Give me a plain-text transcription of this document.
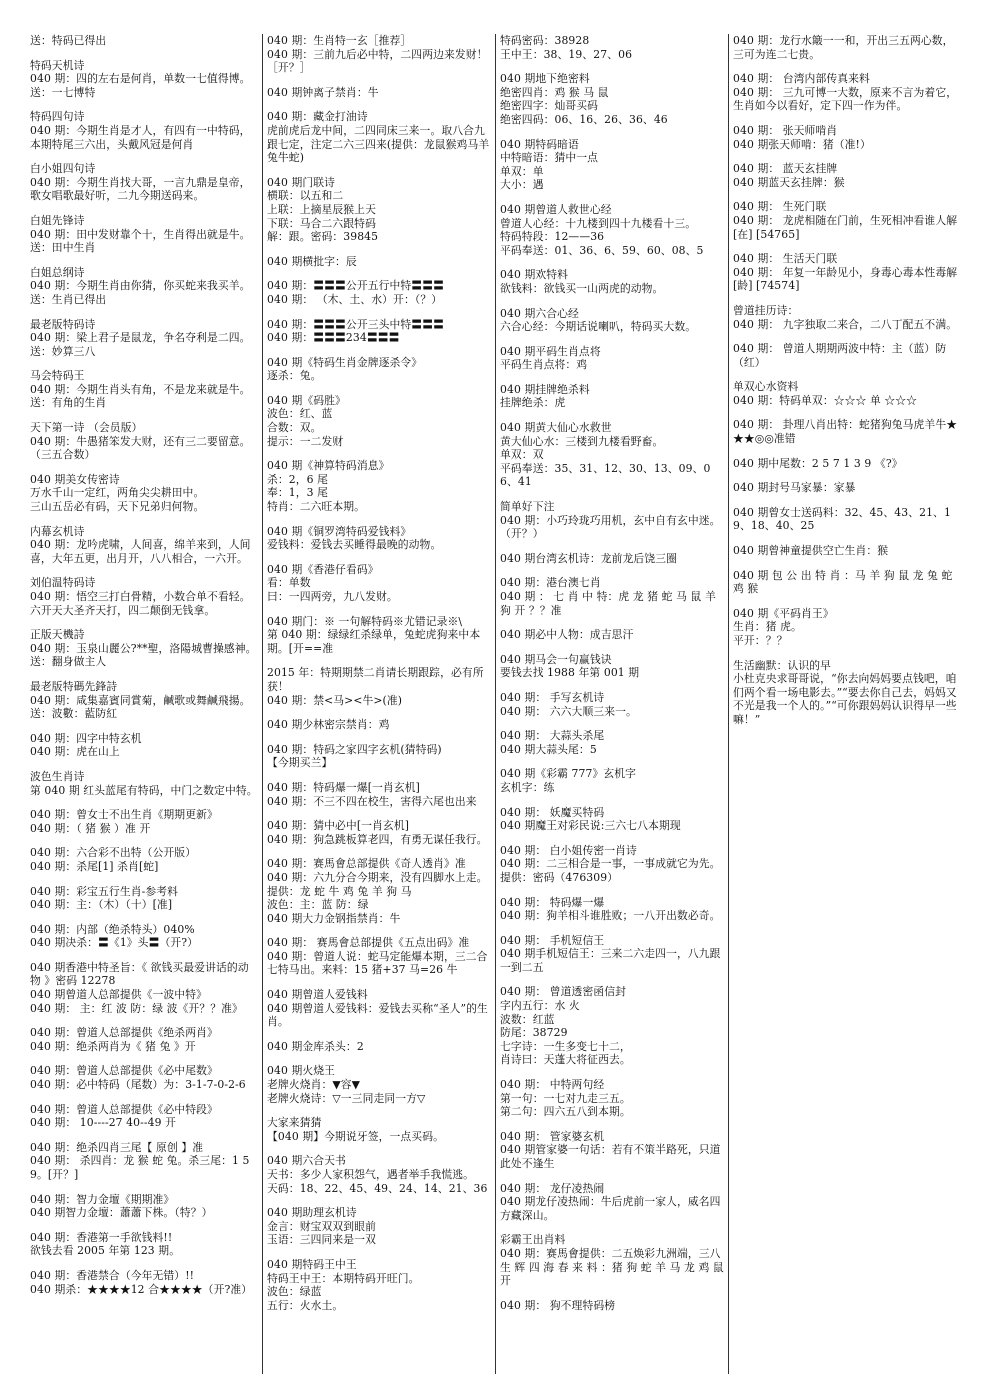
送：特码已得出
特码天机诗
040 期：四的左右是何肖，单数一七值得博。
送：一七博特
特码四句诗
040 期：今期生肖是才人，有四有一中特码，
本期特尾三六出，头戴风冠是何肖
白小姐四句诗
040 期：今期生肖找大哥，一言九鼎是皇帝，
歌女唱歌最好听，二九今期送码来。
白姐先锋诗
040 期：田中发财靠个十，生肖得出就是牛。
送：田中生肖
白姐总纲诗
040 期：今期生肖由你猜，你买蛇来我买羊。
送：生肖已得出
最老版特码诗
040 期：梁上君子是鼠龙，争名夺利是二四。
送：妙算三八
马会特码王
040 期：今期生肖头有角，不是龙来就是牛。
送：有角的生肖
天下第一诗 （会员版）
040 期：牛愚猪笨发大财，还有三二要留意。
（三五合数）
040 期美女传密诗
万水千山一定红，两角尖尖耕田中。
三山五岳必有码，天下兄弟归何物。
内幕玄机诗
040 期：龙吟虎啸，人间喜，绵羊来到，人间喜，大年五更，出月开，八八相合，一六开。
刘伯温特码诗
040 期：悟空三打白骨精，小数合单不看轻。六开天大圣齐天打，四二颠倒无钱拿。
正版天機詩
040 期：玉泉山麗公?**聖，洛陽城曹操感神。 送：翻身做主人
最老版特碼先鋒詩
040 期：咸集嘉賓同賞菊，鹹歌或舞鹹飛揚。 送：波數：藍防紅
040 期：四字中特玄机
040 期：虎在山上
波色生肖诗
第 040 期 红头蓝尾有特码，中门之数定中特。
040 期：曾女士不出生肖《期期更新》
040 期：（ 猪 猴 ）准 开
040 期：六合彩不出特（公开版）
040 期：杀尾[1] 杀肖[蛇]
040 期：彩宝五行生肖-参考料
040 期：主：（木）（十）[准]
040 期：内部（绝杀特头）040%
040 期决杀：〓《1》头〓（开?）
040 期香港中特圣旨：《 欲钱买最爱讲话的动物 》密码 12278
040 期曾道人总部提供《一波中特》
040 期： 主：红 波 防：绿 波《开？？准》
040 期：曾道人总部提供《绝杀两肖》
040 期：绝杀两肖为《 猪 兔 》开
040 期：曾道人总部提供《必中尾数》
040 期：必中特码（尾数）为：3-1-7-0-2-6
040 期：曾道人总部提供《必中特段》
040 期： 10----27 40--49 开
040 期：绝杀四肖三尾【 原创 】准
040 期： 杀四肖：龙 猴 蛇 兔。杀三尾：1 5 9。[开？]
040 期：智力金壇《期期准》
040 期智力金壇：蕭蕭下株。（特？）
040 期：香港第一手欲钱料!!
欲钱去看 2005 年第 123 期。
040 期：香港禁合（今年无错）!!
040 期杀：★★★★12 合★★★★（开?准）
040 期：生肖特一玄［推荐］
040 期：三前九后必中特，二四两边来发财！［开？］
040 期钟离子禁肖：牛
040 期：藏金打油诗
虎前虎后龙中间，二四同床三来一。取八合九跟七定，注定二六三四来(提供：龙鼠猴鸡马羊兔牛蛇)
040 期门联诗
横联：以五和二
上联：上摘星辰猴上天
下联：马合二六跟特码
解：跟。密码：39845
040 期横批字：辰
040 期：〓〓〓公开五行中特〓〓〓
040 期： （木、土、水）开：（？）
040 期：〓〓〓公开三头中特〓〓〓
040 期：〓〓〓234〓〓〓
040 期《特码生肖金牌逐杀令》
逐杀：兔。
040 期《码胜》
波色：红、蓝
合数：双。
提示：一二发财
040 期《神算特码消息》
杀：2，6 尾
奉：1，3 尾
特肖：二六旺本期。
040 期《铜罗湾特码爱钱料》
爱钱料：爱钱去买睡得最晚的动物。
040 期《香港仔看码》
看：单数
曰：一四两旁，九八发财。
040 期门：※ 一句解特码※尤错记录※\
第 040 期：绿绿红杀绿单，兔蛇虎狗来中本期。[开==准
2015 年：特期期禁二肖请长期跟踪，必有所获！
040 期：禁<马><牛>(准)
040 期少林密宗禁肖：鸡
040 期：特码之家四字玄机(猜特码)
【今期买兰】
040 期：特码爆一爆[一肖玄机]
040 期：不三不四在校生，害得六尾也出来
040 期：猜中必中[一肖玄机]
040 期：狗急跳板算老四，有勇无谋任我行。
040 期：赛馬會总部提供《奇人透肖》准
040 期：六九分合今期来，没有四脚水上走。
提供：龙 蛇 牛 鸡 兔 羊 狗 马
波色：主：蓝 防：绿
040 期大力金钢指禁肖：牛
040 期： 赛馬會总部提供《五点出码》准
040 期：曾道人说：蛇马定能爆本期，三二合七特马出。来料：15 猪+37 马=26 牛
040 期曾道人爱钱料
040 期曾道人爱钱料：爱钱去买称“圣人”的生肖。
040 期金库杀头：2
040 期火烧王
老牌火烧肖：▼容▼
老牌火烧诗：▽一三同走同一方▽
大家来猜猜
【040 期】今期说牙签，一点买码。
040 期六合天书
天书：多少人家积怨气，遇者举手我慌逃。
天码：18、22、45、49、24、14、21、36
040 期助理玄机诗
金言：财宝双双到眼前
玉语：三四同来是一双
040 期特码王中王
特码王中王：本期特码开旺门。
波色：绿蓝
五行：火水土。
特码密码：38928
王中王：38、19、27、06
040 期地下绝密料
绝密四肖：鸡 猴 马 鼠
绝密四字：灿哥买码
绝密四码：06、16、26、36、46
040 期特码暗语
中特暗语：猜中一点
单双：单
大小：遇
040 期曾道人救世心经
曾道人心经：十九楼到四十九楼看十三。
特码特段：12——36
平码奉送：01、36、6、59、60、08、5
040 期欢特料
欲钱料：欲钱买一山两虎的动物。
040 期六合心经
六合心经：今期话说喇叭，特码买大数。
040 期平码生肖点将
平码生肖点将：鸡
040 期挂牌绝杀料
挂牌绝杀：虎
040 期黄大仙心水救世
黄大仙心水：三楼到九楼看野畜。
单双：双
平码奉送：35、31、12、30、13、09、06、41
简单好下注
040 期：小巧玲珑巧用机，玄中自有玄中迷。（开？）
040 期台湾玄机诗：龙前龙后饶三圈
040 期：港台澳七肖
040 期 ： 七 肖 中 特：虎 龙 猪 蛇 马 鼠 羊 狗 开 ？？准
040 期必中人物：成吉思汗
040 期马会一句赢钱诀
要钱去找 1988 年第 001 期
040 期： 手写玄机诗
040 期： 六六大顺三来一。
040 期： 大蒜头杀尾
040 期大蒜头尾：5
040 期《彩霸 777》玄机字
玄机字：练
040 期： 妖魔买特码
040 期魔王对彩民说:三六七八本期现
040 期： 白小姐传密一肖诗
040 期：二三相合是一事，一事成就它为先。
提供：密码（476309）
040 期： 特码爆一爆
040 期：狗羊相斗谁胜败；一八开出数必奇。
040 期： 手机短信王
040 期手机短信王：三来二六走四一，八九跟一到二五
040 期： 曾道透密函信封
字内五行：水 火
波数：红蓝
防尾：38729
七字诗：一生多变七十二，
肖诗曰：天蓬大将征西去。
040 期： 中特两句经
第一句：一七对九走三五。
第二句：四六五八到本期。
040 期： 管家婆玄机
040 期管家婆一句话：若有不策半路死，只道此处不逢生
040 期： 龙仔凌热闹
040 期龙仔凌热闹：牛后虎前一家人，威名四方藏深山。
彩霸王出肖料
040 期：赛馬會提供：二五焕彩九洲端，三八 生 辉 四 海 春 来 料 ：猪 狗 蛇 羊 马 龙 鸡 鼠 开
040 期： 狗不理特码榜
040 期：龙行水簸一一和，开出三五两心数，三可为连二七贵。
040 期： 台湾内部传真来料
040 期： 三九可博一大数，原来不言为着它，生肖如今以看好，定下四一作为伴。
040 期： 张天师啃肖
040 期张天师啃：猪（准!）
040 期： 蓝天玄挂牌
040 期蓝天玄挂牌：猴
040 期： 生死门联
040 期： 龙虎相随在门前，生死相冲看谁人解 [在] [54765]
040 期： 生活天门联
040 期： 年复一年龄见小，身毒心毒本性毒解 [龄] [74574]
曾道挂历诗：
040 期： 九字独取二来合，二八丁配五不满。
040 期： 曾道人期期两波中特：主（蓝）防（红）
单双心水资料
040 期：特码单双：☆☆☆ 单 ☆☆☆
040 期： 卦理八肖出特：蛇猪狗兔马虎羊牛★★★◎◎准错
040 期中尾数：2 5 7 1 3 9 《?》
040 期封号马家暴：家暴
040 期曾女士送码料：32、45、43、21、19、18、40、25
040 期曾神童提供空亡生肖：猴
040 期 包 公 出 特 肖 ：马 羊 狗 鼠 龙 兔 蛇 鸡 猴
040 期《平码肖王》
生肖：猪 虎。
平开：？？
生活幽默：认识的早
小杜克央求哥哥说，“你去向妈妈要点钱吧，咱们两个看一场电影去。”“要去你自己去，妈妈又不光是我一个人的。”“可你跟妈妈认识得早一些嘛！”
